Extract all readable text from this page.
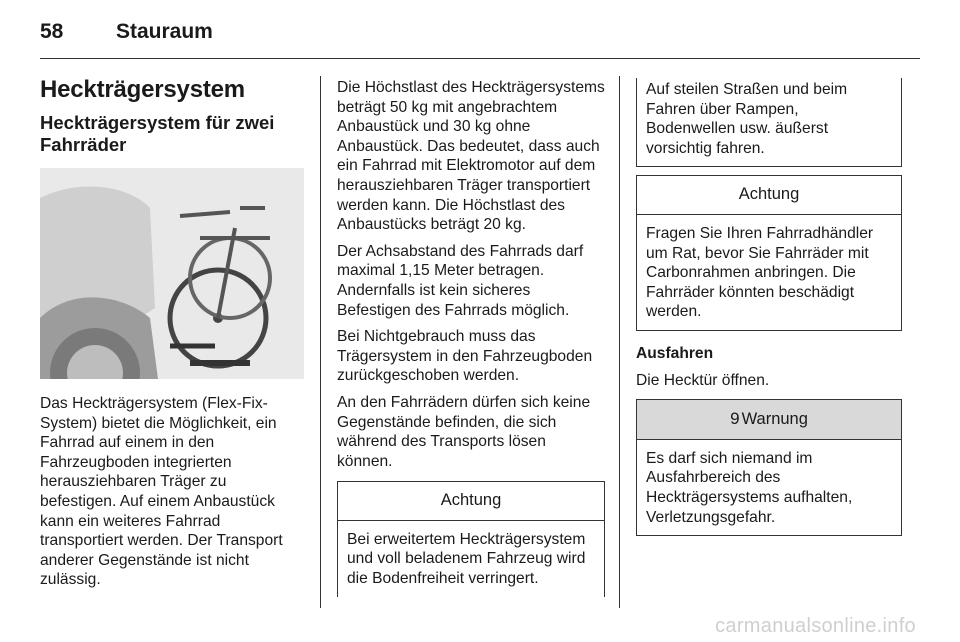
58	Stauraum
Heckträgersystem
Heckträgersystem für zwei Fahrräder

Das Heckträgersystem (Flex-Fix-System) bietet die Möglichkeit, ein Fahrrad auf einem in den Fahrzeugboden integrierten herausziehbaren Träger zu befestigen. Auf einem Anbaustück kann ein weiteres Fahrrad transportiert werden. Der Transport anderer Gegenstände ist nicht zulässig.

Die Höchstlast des Heckträgersystems beträgt 50 kg mit angebrachtem Anbaustück und 30 kg ohne Anbaustück. Das bedeutet, dass auch ein Fahrrad mit Elektromotor auf dem herausziehbaren Träger transportiert werden kann. Die Höchstlast des Anbaustücks beträgt 20 kg.

Der Achsabstand des Fahrrads darf maximal 1,15 Meter betragen. Andernfalls ist kein sicheres Befestigen des Fahrrads möglich.

Bei Nichtgebrauch muss das Trägersystem in den Fahrzeugboden zurückgeschoben werden.

An den Fahrrädern dürfen sich keine Gegenstände befinden, die sich während des Transports lösen können.

Achtung
Bei erweitertem Heckträgersystem und voll beladenem Fahrzeug wird die Bodenfreiheit verringert.
Auf steilen Straßen und beim Fahren über Rampen, Bodenwellen usw. äußerst vorsichtig fahren.
Achtung
Fragen Sie Ihren Fahrradhändler um Rat, bevor Sie Fahrräder mit Carbonrahmen anbringen. Die Fahrräder könnten beschädigt werden.

Ausfahren

Die Hecktür öffnen.

9 Warnung
Es darf sich niemand im Ausfahrbereich des Heckträgersystems aufhalten, Verletzungsgefahr.
carmanualsonline.info
